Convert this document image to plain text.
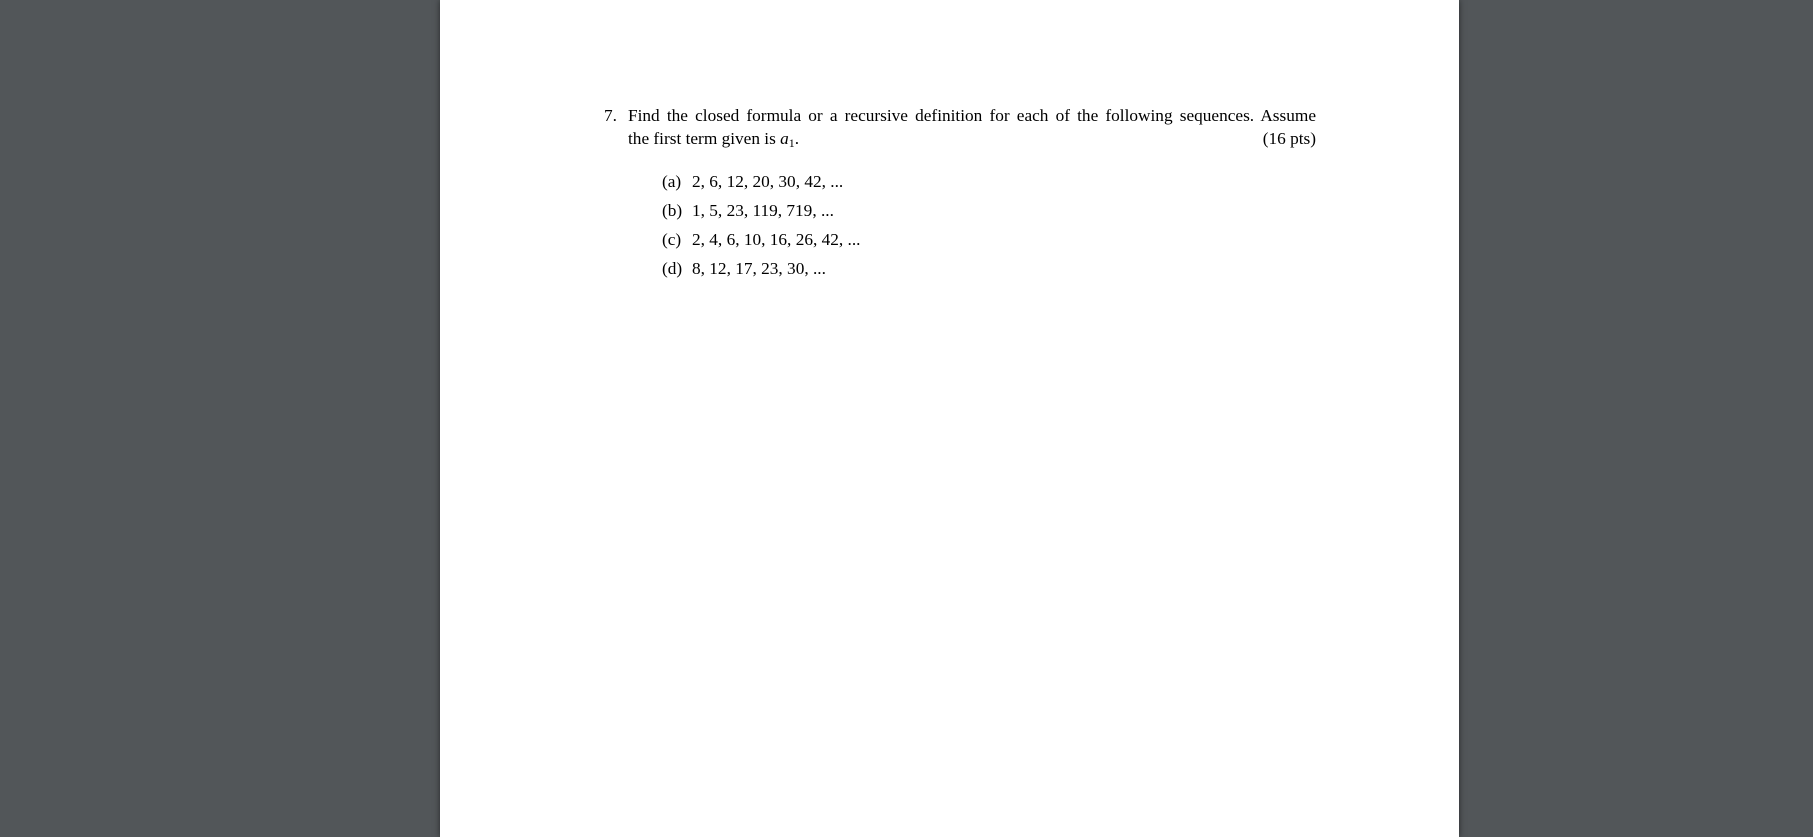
7. Find the closed formula or a recursive definition for each of the following sequences. Assume
the first term given is a1.	(16 pts)
(a) 2, 6, 12, 20, 30, 42, ...
(b) 1, 5, 23, 119, 719, ...
(c) 2, 4, 6, 10, 16, 26, 42, ...
(d) 8, 12, 17, 23, 30, ...
